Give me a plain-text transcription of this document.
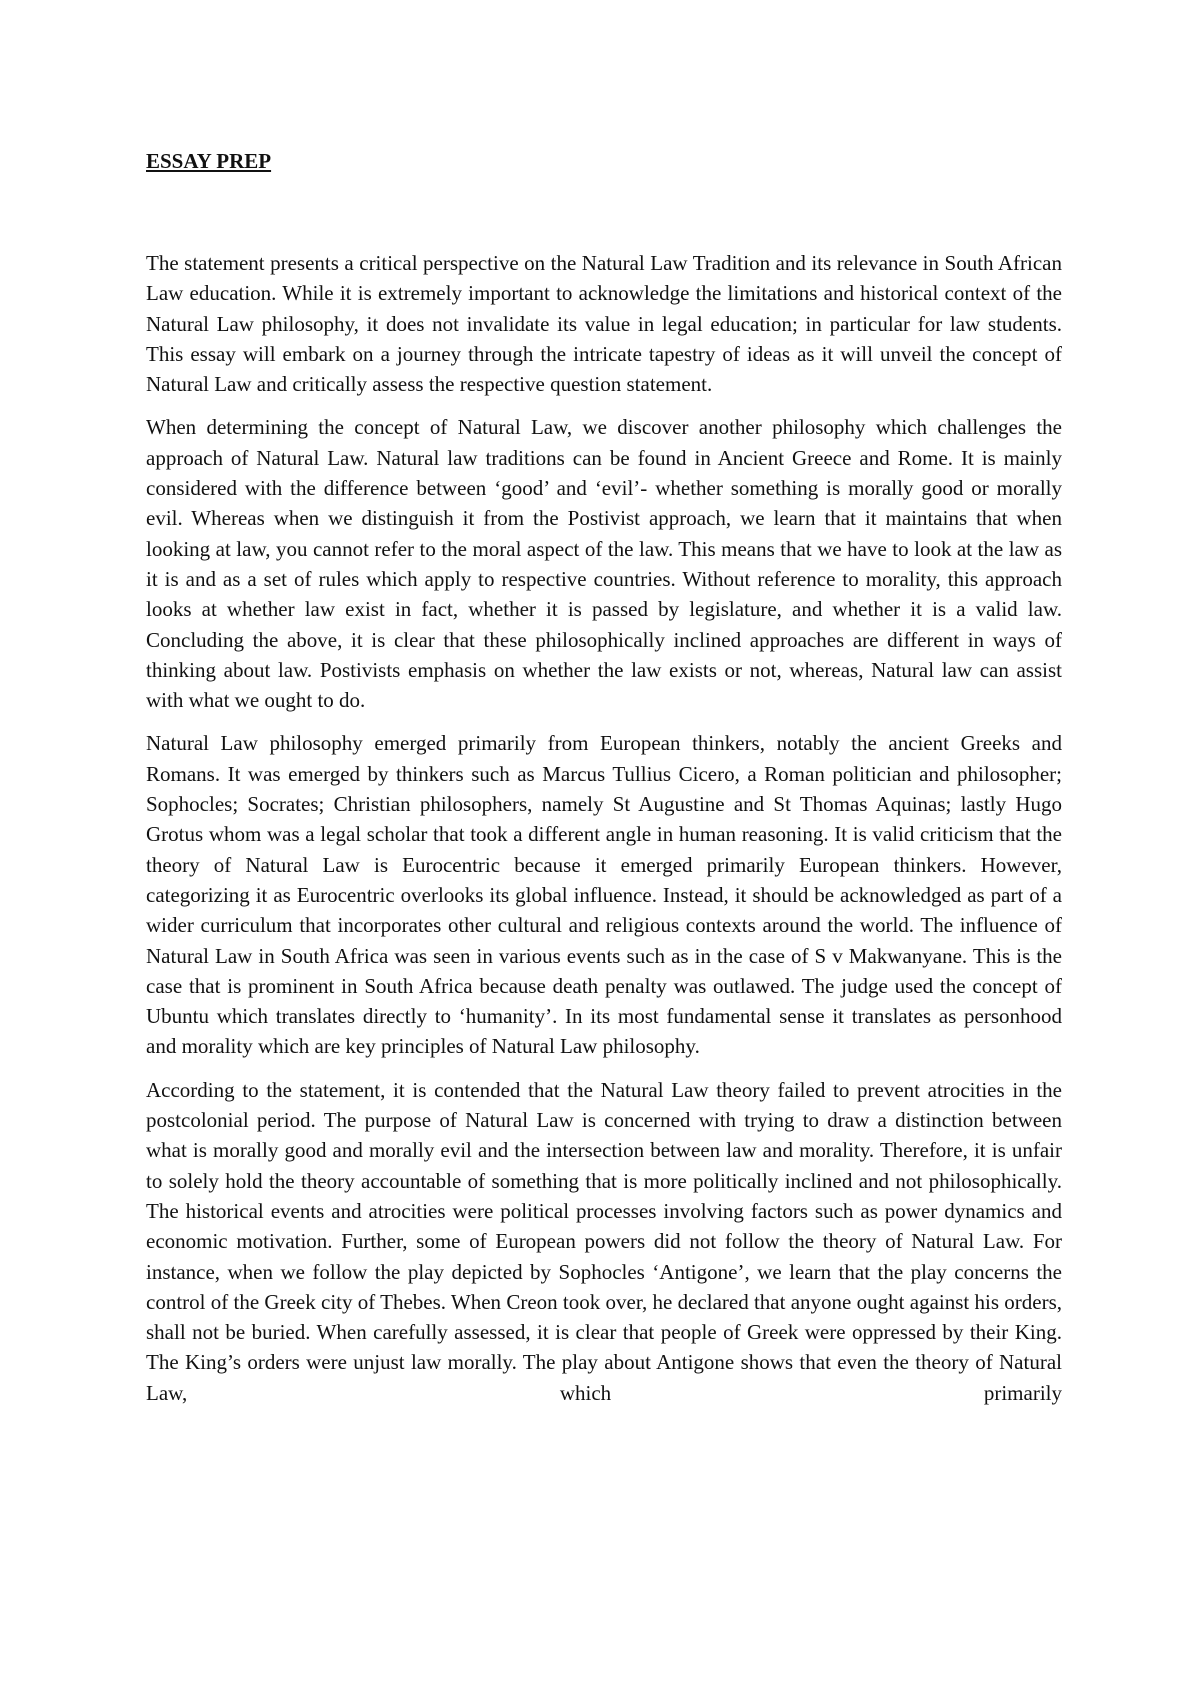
ESSAY PREP

The statement presents a critical perspective on the Natural Law Tradition and its relevance in South African Law education. While it is extremely important to acknowledge the limitations and historical context of the Natural Law philosophy, it does not invalidate its value in legal education; in particular for law students. This essay will embark on a journey through the intricate tapestry of ideas as it will unveil the concept of Natural Law and critically assess the respective question statement.

When determining the concept of Natural Law, we discover another philosophy which challenges the approach of Natural Law. Natural law traditions can be found in Ancient Greece and Rome. It is mainly considered with the difference between ‘good’ and ‘evil’- whether something is morally good or morally evil. Whereas when we distinguish it from the Postivist approach, we learn that it maintains that when looking at law, you cannot refer to the moral aspect of the law. This means that we have to look at the law as it is and as a set of rules which apply to respective countries. Without reference to morality, this approach looks at whether law exist in fact, whether it is passed by legislature, and whether it is a valid law. Concluding the above, it is clear that these philosophically inclined approaches are different in ways of thinking about law. Postivists emphasis on whether the law exists or not, whereas, Natural law can assist with what we ought to do.

Natural Law philosophy emerged primarily from European thinkers, notably the ancient Greeks and Romans. It was emerged by thinkers such as Marcus Tullius Cicero, a Roman politician and philosopher; Sophocles; Socrates; Christian philosophers, namely St Augustine and St Thomas Aquinas; lastly Hugo Grotus whom was a legal scholar that took a different angle in human reasoning. It is valid criticism that the theory of Natural Law is Eurocentric because it emerged primarily European thinkers. However, categorizing it as Eurocentric overlooks its global influence. Instead, it should be acknowledged as part of a wider curriculum that incorporates other cultural and religious contexts around the world. The influence of Natural Law in South Africa was seen in various events such as in the case of S v Makwanyane. This is the case that is prominent in South Africa because death penalty was outlawed. The judge used the concept of Ubuntu which translates directly to ‘humanity’. In its most fundamental sense it translates as personhood and morality which are key principles of Natural Law philosophy.

According to the statement, it is contended that the Natural Law theory failed to prevent atrocities in the postcolonial period. The purpose of Natural Law is concerned with trying to draw a distinction between what is morally good and morally evil and the intersection between law and morality. Therefore, it is unfair to solely hold the theory accountable of something that is more politically inclined and not philosophically. The historical events and atrocities were political processes involving factors such as power dynamics and economic motivation. Further, some of European powers did not follow the theory of Natural Law. For instance, when we follow the play depicted by Sophocles ‘Antigone’, we learn that the play concerns the control of the Greek city of Thebes. When Creon took over, he declared that anyone ought against his orders, shall not be buried. When carefully assessed, it is clear that people of Greek were oppressed by their King. The King’s orders were unjust law morally. The play about Antigone shows that even the theory of Natural Law, which primarily
